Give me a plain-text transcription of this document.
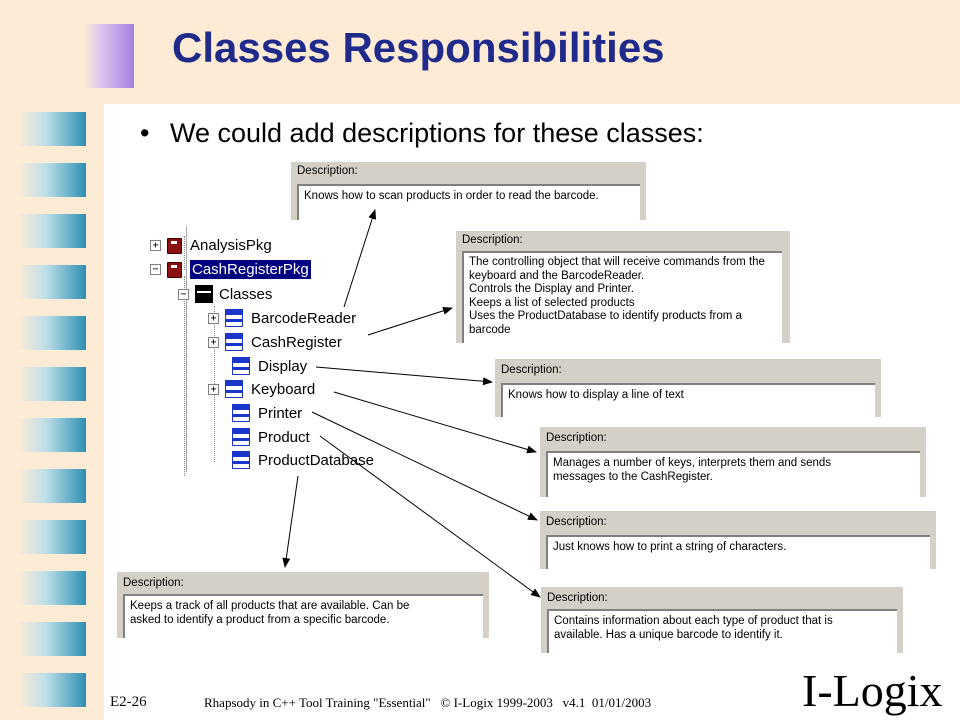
Classes Responsibilities
• We could add descriptions for these classes:
+ AnalysisPkg
− CashRegisterPkg
− Classes
+ BarcodeReader
+ CashRegister
Display
+ Keyboard
Printer
Product
ProductDatabase
Description:
Knows how to scan products in order to read the barcode.
Description:
The controlling object that will receive commands from the
keyboard and the BarcodeReader.
Controls the Display and Printer.
Keeps a list of selected products
Uses the ProductDatabase to identify products from a
barcode
Description:
Knows how to display a line of text
Description:
Manages a number of keys, interprets them and sends
messages to the CashRegister.
Description:
Just knows how to print a string of characters.
Description:
Contains information about each type of product that is
available. Has a unique barcode to identify it.
Description:
Keeps a track of all products that are available. Can be
asked to identify a product from a specific barcode.
E2-26	Rhapsody in C++ Tool Training "Essential"   © I-Logix 1999-2003   v4.1  01/01/2003	I-Logix
